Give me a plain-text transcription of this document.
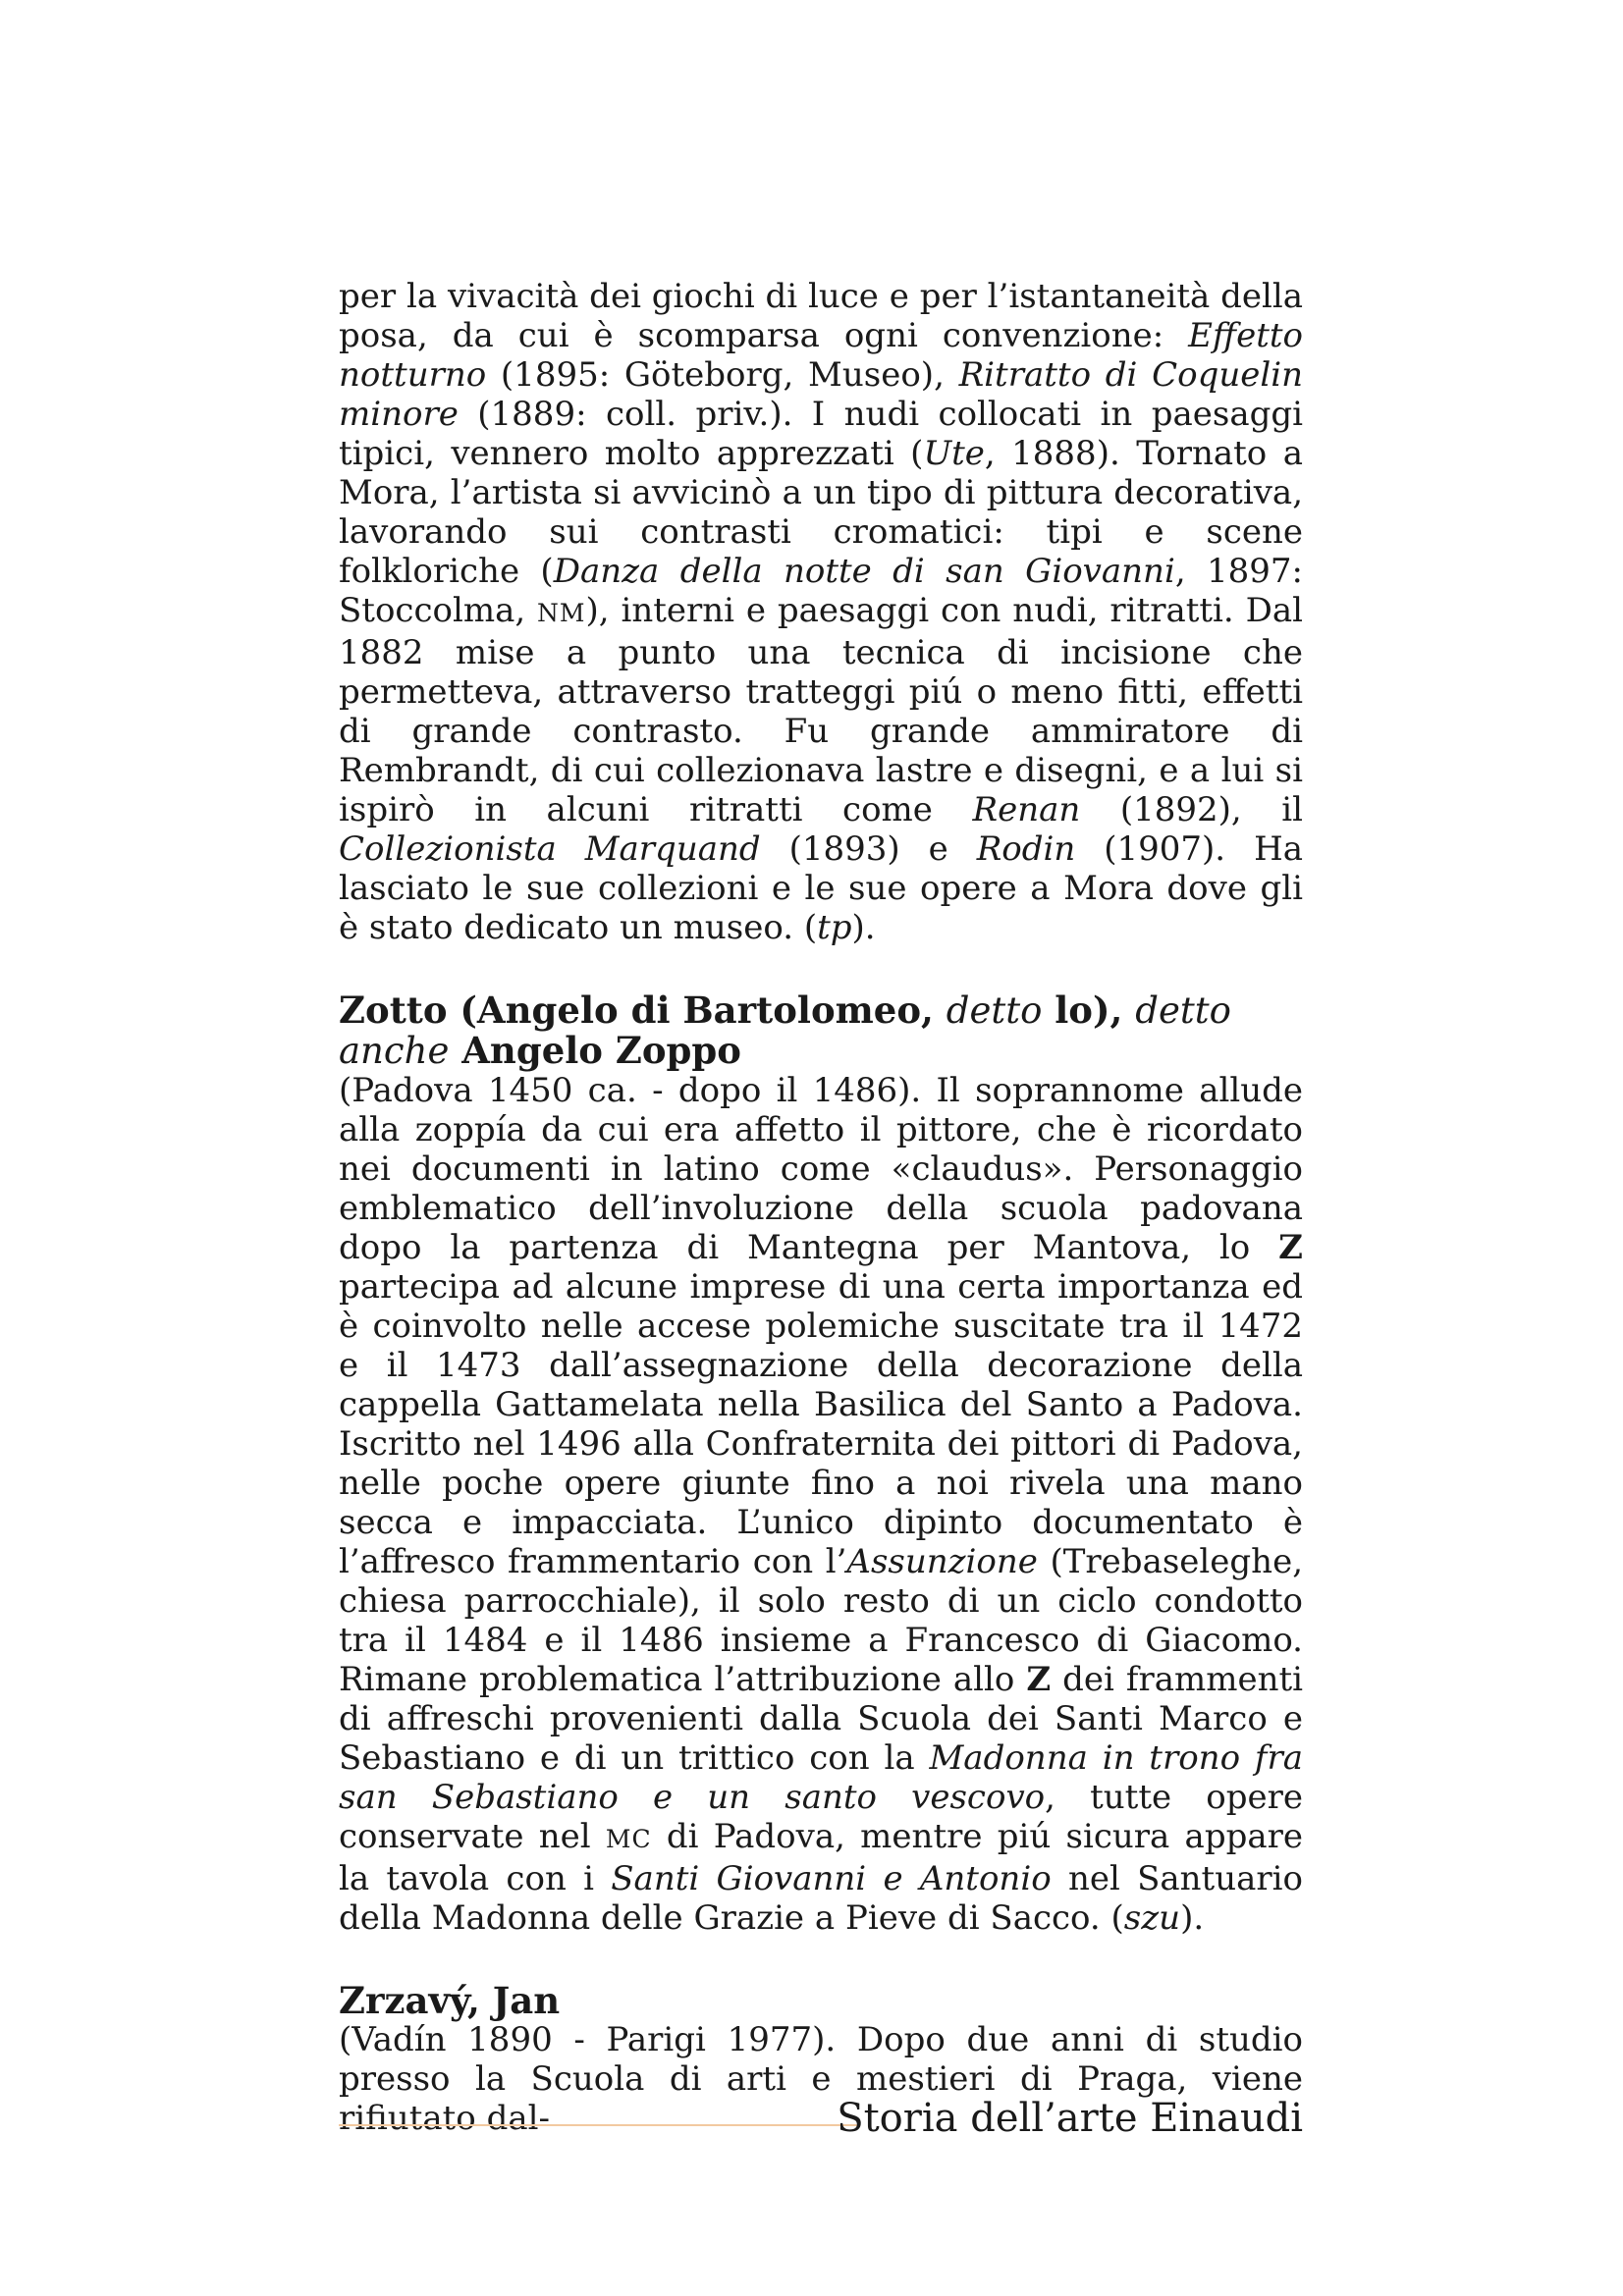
per la vivacità dei giochi di luce e per l’istantaneità della posa, da cui è scomparsa ogni convenzione: Effetto notturno (1895: Göteborg, Museo), Ritratto di Coquelin minore (1889: coll. priv.). I nudi collocati in paesaggi tipici, vennero molto apprezzati (Ute, 1888). Tornato a Mora, l’artista si avvicinò a un tipo di pittura decorativa, lavorando sui contrasti cromatici: tipi e scene folkloriche (Danza della notte di san Giovanni, 1897: Stoccolma, NM), interni e paesaggi con nudi, ritratti. Dal 1882 mise a punto una tecnica di incisione che permetteva, attraverso tratteggi piú o meno fitti, effetti di grande contrasto. Fu grande ammiratore di Rembrandt, di cui collezionava lastre e disegni, e a lui si ispirò in alcuni ritratti come Renan (1892), il Collezionista Marquand (1893) e Rodin (1907). Ha lasciato le sue collezioni e le sue opere a Mora dove gli è stato dedicato un museo. (tp).

Zotto (Angelo di Bartolomeo, detto lo), detto anche Angelo Zoppo

(Padova 1450 ca. - dopo il 1486). Il soprannome allude alla zoppía da cui era affetto il pittore, che è ricordato nei documenti in latino come «claudus». Personaggio emblematico dell’involuzione della scuola padovana dopo la partenza di Mantegna per Mantova, lo Z partecipa ad alcune imprese di una certa importanza ed è coinvolto nelle accese polemiche suscitate tra il 1472 e il 1473 dall’assegnazione della decorazione della cappella Gattamelata nella Basilica del Santo a Padova. Iscritto nel 1496 alla Confraternita dei pittori di Padova, nelle poche opere giunte fino a noi rivela una mano secca e impacciata. L’unico dipinto documentato è l’affresco frammentario con l’Assunzione (Trebaseleghe, chiesa parrocchiale), il solo resto di un ciclo condotto tra il 1484 e il 1486 insieme a Francesco di Giacomo. Rimane problematica l’attribuzione allo Z dei frammenti di affreschi provenienti dalla Scuola dei Santi Marco e Sebastiano e di un trittico con la Madonna in trono fra san Sebastiano e un santo vescovo, tutte opere conservate nel MC di Padova, mentre piú sicura appare la tavola con i Santi Giovanni e Antonio nel Santuario della Madonna delle Grazie a Pieve di Sacco. (szu).

Zrzavý, Jan

(Vadín 1890 - Parigi 1977). Dopo due anni di studio presso la Scuola di arti e mestieri di Praga, viene rifiutato dal-	Storia dell’arte Einaudi
